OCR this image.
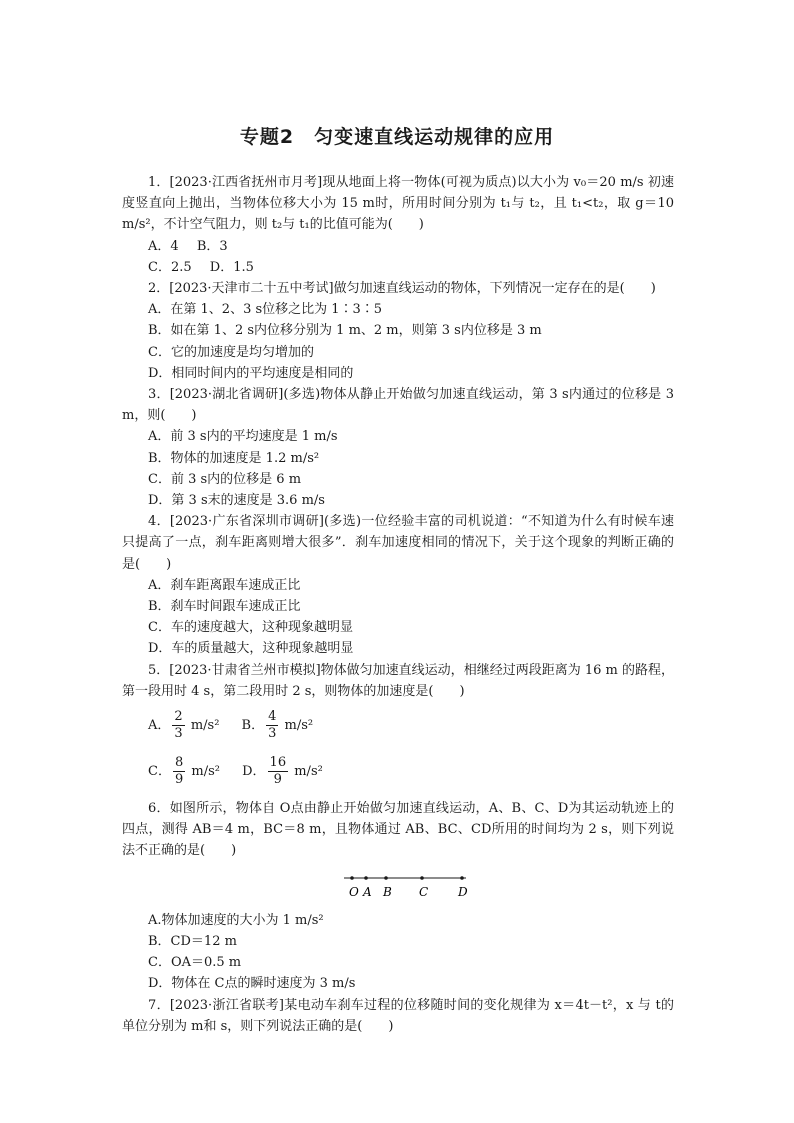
专题2　匀变速直线运动规律的应用

1．[2023·江西省抚州市月考]现从地面上将一物体(可视为质点)以大小为 v₀＝20 m/s 初速度竖直向上抛出，当物体位移大小为 15 m时，所用时间分别为 t₁与 t₂，且 t₁<t₂，取 g＝10 m/s²，不计空气阻力，则 t₂与 t₁的比值可能为(　　)

A．4 B．3

C．2.5 D．1.5

2．[2023·天津市二十五中考试]做匀加速直线运动的物体，下列情况一定存在的是(　　)

A．在第 1、2、3 s位移之比为 1∶3∶5

B．如在第 1、2 s内位移分别为 1 m、2 m，则第 3 s内位移是 3 m

C．它的加速度是均匀增加的

D．相同时间内的平均速度是相同的

3．[2023·湖北省调研](多选)物体从静止开始做匀加速直线运动，第 3 s内通过的位移是 3 m，则(　　)

A．前 3 s内的平均速度是 1 m/s

B．物体的加速度是 1.2 m/s²

C．前 3 s内的位移是 6 m

D．第 3 s末的速度是 3.6 m/s

4．[2023·广东省深圳市调研](多选)一位经验丰富的司机说道：“不知道为什么有时候车速只提高了一点，刹车距离则增大很多”．刹车加速度相同的情况下，关于这个现象的判断正确的是(　　)

A．刹车距离跟车速成正比

B．刹车时间跟车速成正比

C．车的速度越大，这种现象越明显

D．车的质量越大，这种现象越明显

5．[2023·甘肃省兰州市模拟]物体做匀加速直线运动，相继经过两段距离为 16 m 的路程，第一段用时 4 s，第二段用时 2 s，则物体的加速度是(　　)

A． $\frac{2}{3} m/s^2$ B． $\frac{4}{3} m/s^2$
C． $\frac{8}{9} m/s^2$ D． $\frac{16}{9} m/s^2$

6．如图所示，物体自 O点由静止开始做匀加速直线运动，A、B、C、D为其运动轨迹上的四点，测得 AB＝4 m，BC＝8 m，且物体通过 AB、BC、CD所用的时间均为 2 s，则下列说法不正确的是(　　)

O A B C D

A.物体加速度的大小为 1 m/s²

B．CD＝12 m

C．OA＝0.5 m

D．物体在 C点的瞬时速度为 3 m/s

7．[2023·浙江省联考]某电动车刹车过程的位移随时间的变化规律为 x＝4t－t²，x 与 t的单位分别为 m和 s，则下列说法正确的是(　　)
